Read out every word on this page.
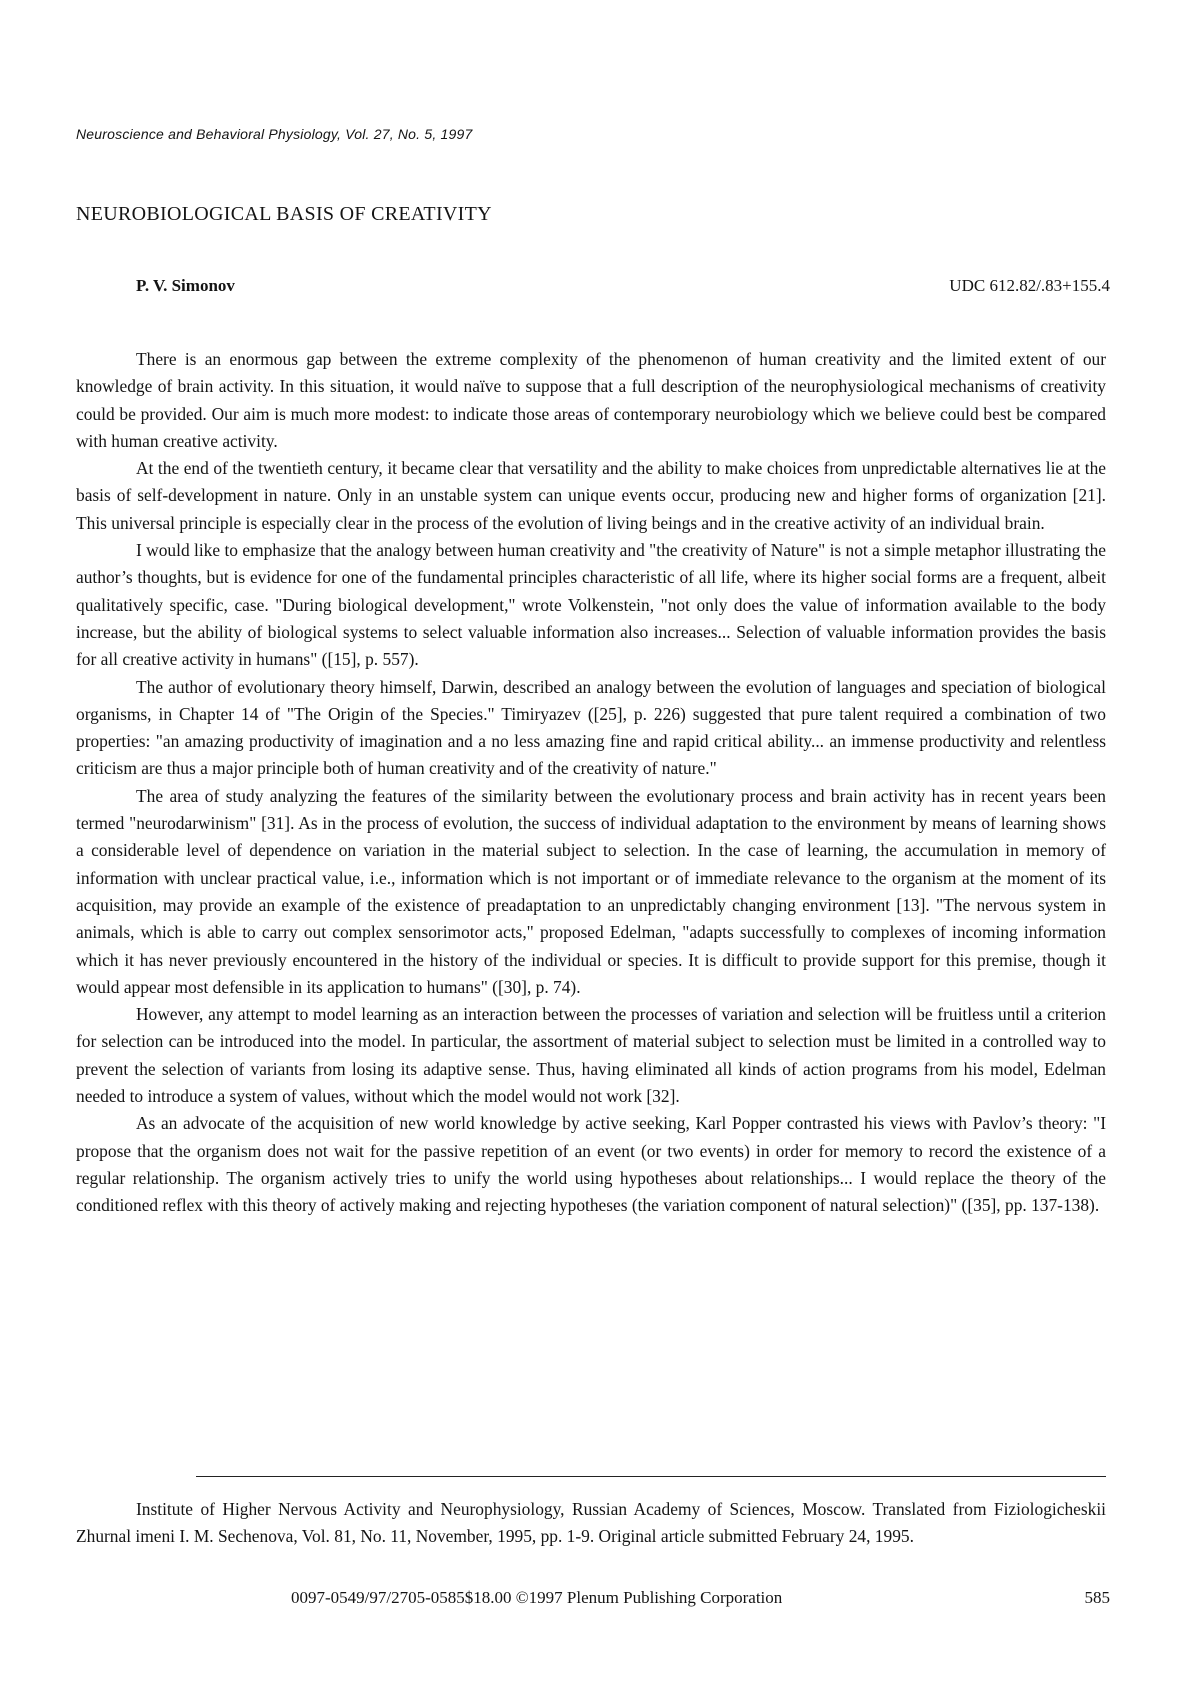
Neuroscience and Behavioral Physiology, Vol. 27, No. 5, 1997
NEUROBIOLOGICAL BASIS OF CREATIVITY
P. V. Simonov	UDC 612.82/.83+155.4

There is an enormous gap between the extreme complexity of the phenomenon of human creativity and the limited extent of our knowledge of brain activity. In this situation, it would naïve to suppose that a full description of the neurophysiological mechanisms of creativity could be provided. Our aim is much more modest: to indicate those areas of contemporary neurobiology which we believe could best be compared with human creative activity.

At the end of the twentieth century, it became clear that versatility and the ability to make choices from unpredictable alternatives lie at the basis of self-development in nature. Only in an unstable system can unique events occur, producing new and higher forms of organization [21]. This universal principle is especially clear in the process of the evolution of living beings and in the creative activity of an individual brain.

I would like to emphasize that the analogy between human creativity and "the creativity of Nature" is not a simple metaphor illustrating the author’s thoughts, but is evidence for one of the fundamental principles characteristic of all life, where its higher social forms are a frequent, albeit qualitatively specific, case. "During biological development," wrote Volkenstein, "not only does the value of information available to the body increase, but the ability of biological systems to select valuable information also increases... Selection of valuable information provides the basis for all creative activity in humans" ([15], p. 557).

The author of evolutionary theory himself, Darwin, described an analogy between the evolution of languages and speciation of biological organisms, in Chapter 14 of "The Origin of the Species." Timiryazev ([25], p. 226) suggested that pure talent required a combination of two properties: "an amazing productivity of imagination and a no less amazing fine and rapid critical ability... an immense productivity and relentless criticism are thus a major principle both of human creativity and of the creativity of nature."

The area of study analyzing the features of the similarity between the evolutionary process and brain activity has in recent years been termed "neurodarwinism" [31]. As in the process of evolution, the success of individual adaptation to the environment by means of learning shows a considerable level of dependence on variation in the material subject to selection. In the case of learning, the accumulation in memory of information with unclear practical value, i.e., information which is not important or of immediate relevance to the organism at the moment of its acquisition, may provide an example of the existence of preadaptation to an unpredictably changing environment [13]. "The nervous system in animals, which is able to carry out complex sensorimotor acts," proposed Edelman, "adapts successfully to complexes of incoming information which it has never previously encountered in the history of the individual or species. It is difficult to provide support for this premise, though it would appear most defensible in its application to humans" ([30], p. 74).

However, any attempt to model learning as an interaction between the processes of variation and selection will be fruitless until a criterion for selection can be introduced into the model. In particular, the assortment of material subject to selection must be limited in a controlled way to prevent the selection of variants from losing its adaptive sense. Thus, having eliminated all kinds of action programs from his model, Edelman needed to introduce a system of values, without which the model would not work [32].

As an advocate of the acquisition of new world knowledge by active seeking, Karl Popper contrasted his views with Pavlov’s theory: "I propose that the organism does not wait for the passive repetition of an event (or two events) in order for memory to record the existence of a regular relationship. The organism actively tries to unify the world using hypotheses about relationships... I would replace the theory of the conditioned reflex with this theory of actively making and rejecting hypotheses (the variation component of natural selection)" ([35], pp. 137-138).

Institute of Higher Nervous Activity and Neurophysiology, Russian Academy of Sciences, Moscow. Translated from Fiziologicheskii Zhurnal imeni I. M. Sechenova, Vol. 81, No. 11, November, 1995, pp. 1-9. Original article submitted February 24, 1995.

0097-0549/97/2705-0585$18.00 ©1997 Plenum Publishing Corporation	585
